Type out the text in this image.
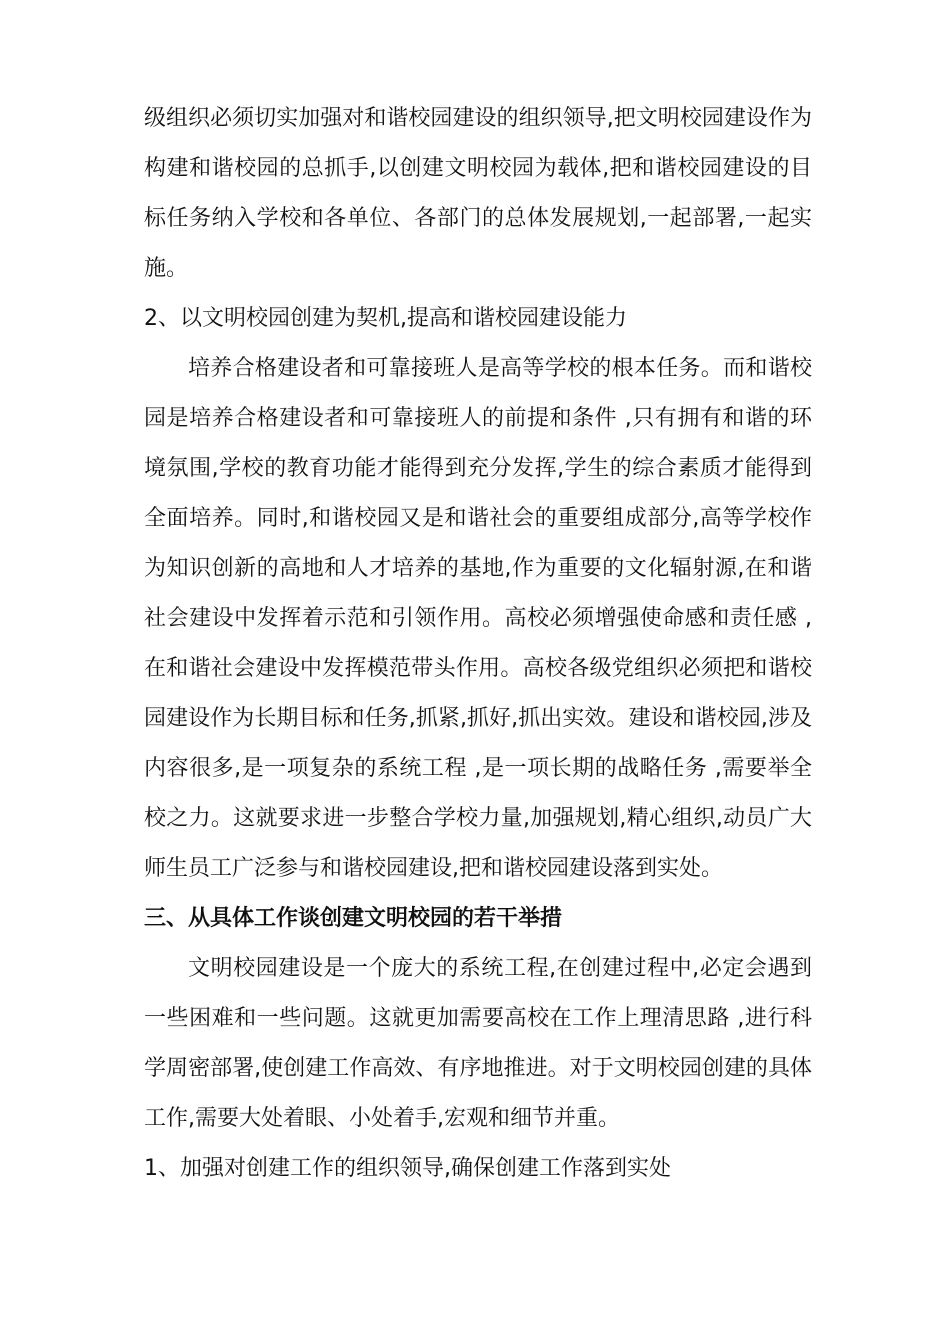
级组织必须切实加强对和谐校园建设的组织领导,把文明校园建设作为构建和谐校园的总抓手,以创建文明校园为载体,把和谐校园建设的目标任务纳入学校和各单位、各部门的总体发展规划,一起部署,一起实施。

2、以文明校园创建为契机,提高和谐校园建设能力

培养合格建设者和可靠接班人是高等学校的根本任务。而和谐校园是培养合格建设者和可靠接班人的前提和条件 ,只有拥有和谐的环境氛围,学校的教育功能才能得到充分发挥,学生的综合素质才能得到全面培养。同时,和谐校园又是和谐社会的重要组成部分,高等学校作为知识创新的高地和人才培养的基地,作为重要的文化辐射源,在和谐社会建设中发挥着示范和引领作用。高校必须增强使命感和责任感 ,在和谐社会建设中发挥模范带头作用。高校各级党组织必须把和谐校园建设作为长期目标和任务,抓紧,抓好,抓出实效。建设和谐校园,涉及内容很多,是一项复杂的系统工程 ,是一项长期的战略任务 ,需要举全校之力。这就要求进一步整合学校力量,加强规划,精心组织,动员广大师生员工广泛参与和谐校园建设,把和谐校园建设落到实处。

三、从具体工作谈创建文明校园的若干举措

文明校园建设是一个庞大的系统工程,在创建过程中,必定会遇到一些困难和一些问题。这就更加需要高校在工作上理清思路 ,进行科学周密部署,使创建工作高效、有序地推进。对于文明校园创建的具体工作,需要大处着眼、小处着手,宏观和细节并重。

1、加强对创建工作的组织领导,确保创建工作落到实处
